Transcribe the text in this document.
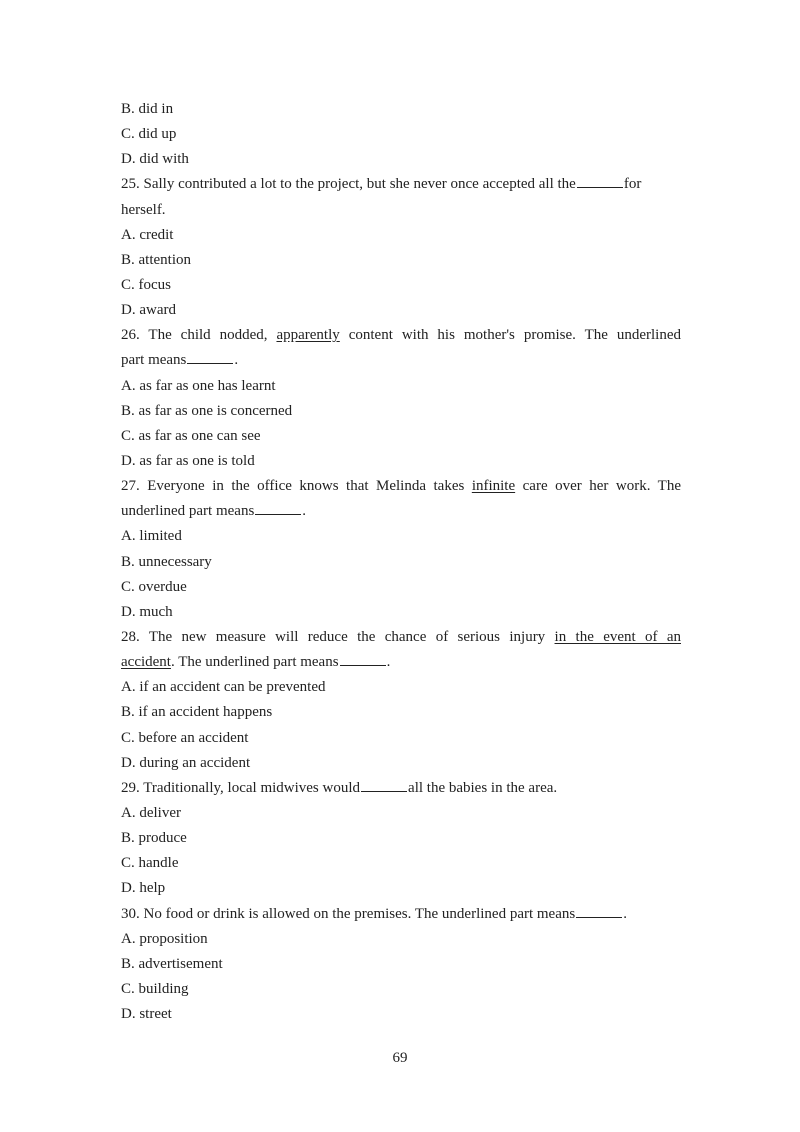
B. did in
C. did up
D. did with
25. Sally contributed a lot to the project, but she never once accepted all the	for
herself.
A. credit
B. attention
C. focus
D. award
26. The child nodded, apparently content with his mother's promise. The underlined
part means	.
A. as far as one has learnt
B. as far as one is concerned
C. as far as one can see
D. as far as one is told
27. Everyone in the office knows that Melinda takes infinite care over her work. The
underlined part means	.
A. limited
B. unnecessary
C. overdue
D. much
28. The new measure will reduce the chance of serious injury in the event of an
accident. The underlined part means	.
A. if an accident can be prevented
B. if an accident happens
C. before an accident
D. during an accident
29. Traditionally, local midwives would	all the babies in the area.
A. deliver
B. produce
C. handle
D. help
30. No food or drink is allowed on the premises. The underlined part means	.
A. proposition
B. advertisement
C. building
D. street
69
